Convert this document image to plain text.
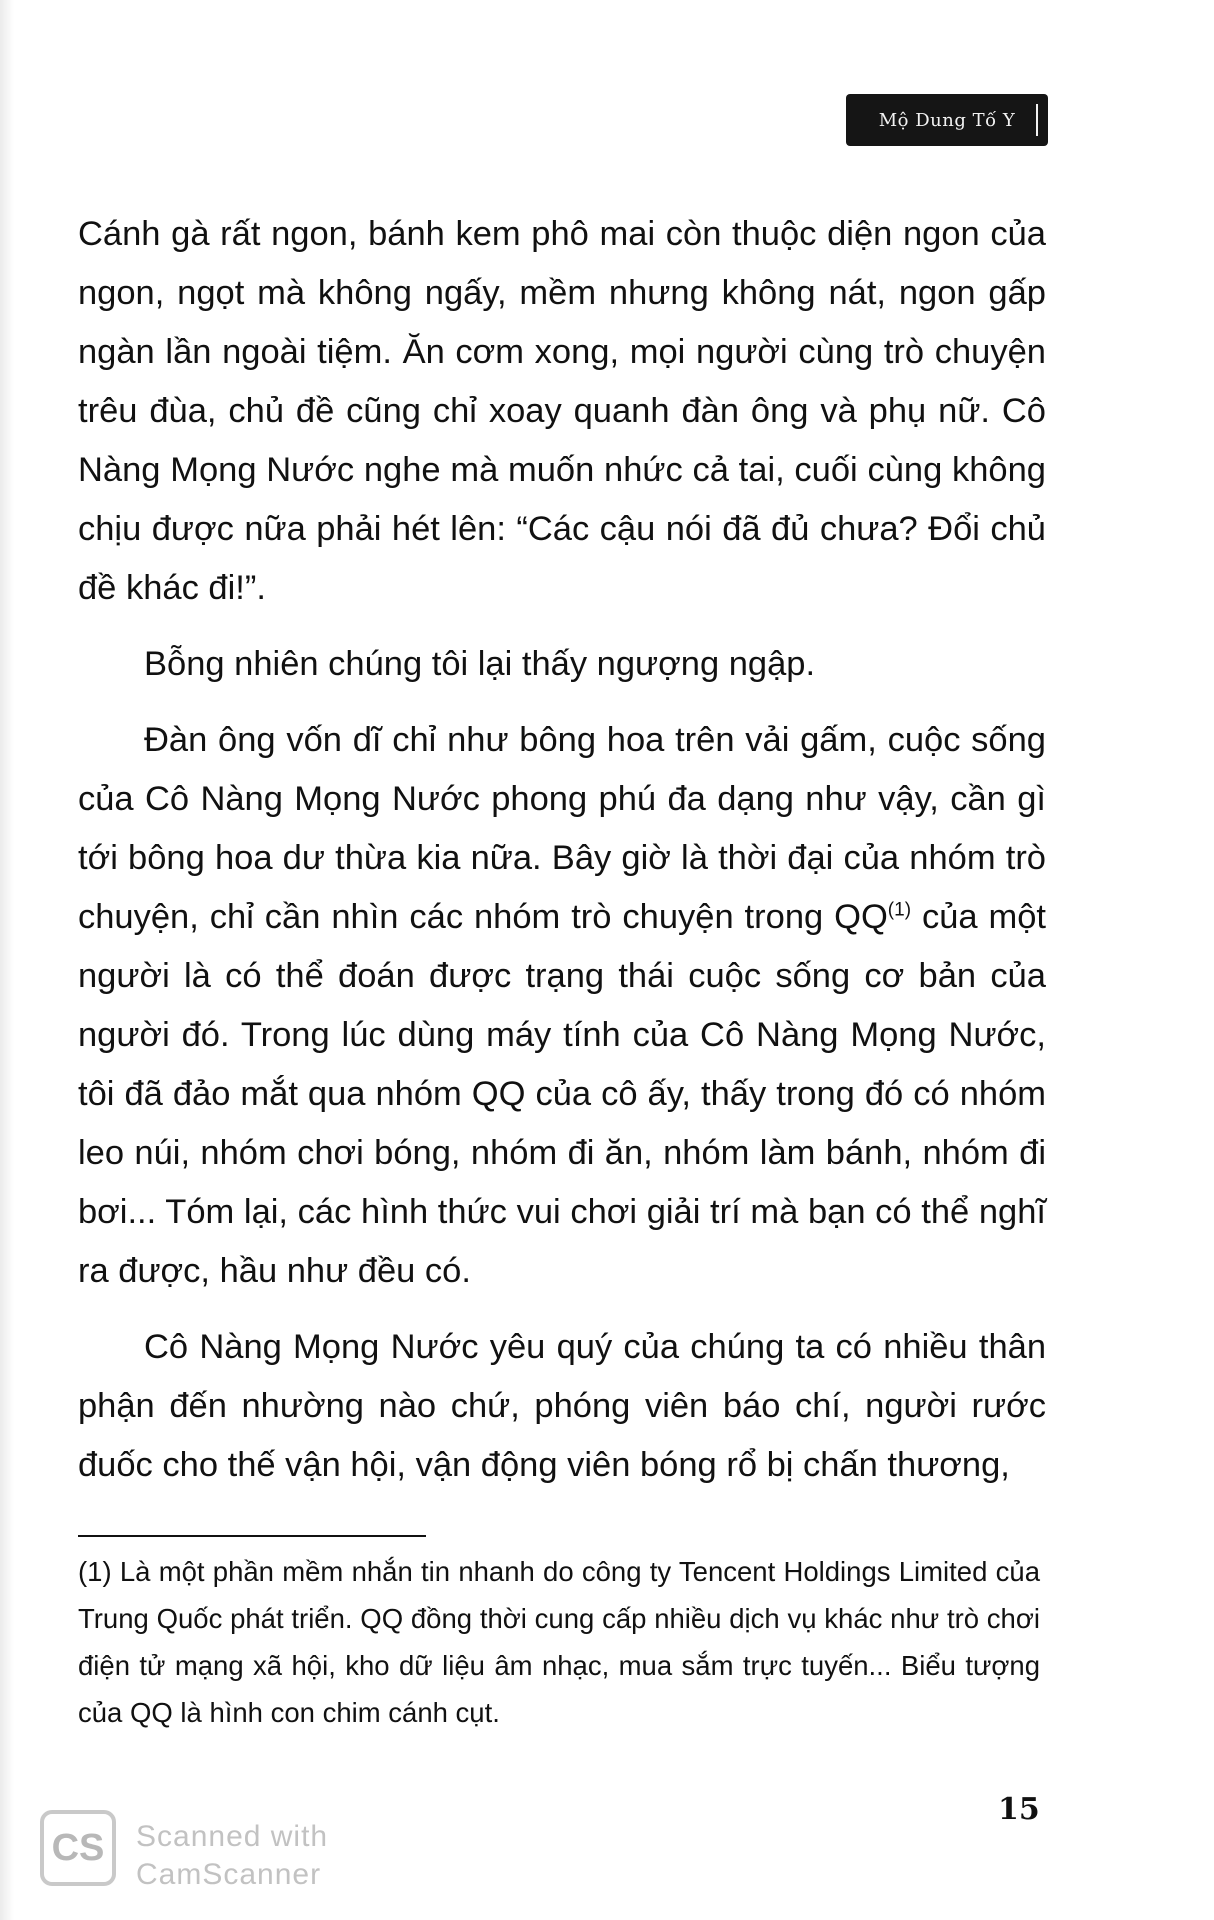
Mộ Dung Tố Y

Cánh gà rất ngon, bánh kem phô mai còn thuộc diện ngon của ngon, ngọt mà không ngấy, mềm nhưng không nát, ngon gấp ngàn lần ngoài tiệm. Ăn cơm xong, mọi người cùng trò chuyện trêu đùa, chủ đề cũng chỉ xoay quanh đàn ông và phụ nữ. Cô Nàng Mọng Nước nghe mà muốn nhức cả tai, cuối cùng không chịu được nữa phải hét lên: “Các cậu nói đã đủ chưa? Đổi chủ đề khác đi!”.

Bỗng nhiên chúng tôi lại thấy ngượng ngập.

Đàn ông vốn dĩ chỉ như bông hoa trên vải gấm, cuộc sống của Cô Nàng Mọng Nước phong phú đa dạng như vậy, cần gì tới bông hoa dư thừa kia nữa. Bây giờ là thời đại của nhóm trò chuyện, chỉ cần nhìn các nhóm trò chuyện trong QQ$^{(1)}$ của một người là có thể đoán được trạng thái cuộc sống cơ bản của người đó. Trong lúc dùng máy tính của Cô Nàng Mọng Nước, tôi đã đảo mắt qua nhóm QQ của cô ấy, thấy trong đó có nhóm leo núi, nhóm chơi bóng, nhóm đi ăn, nhóm làm bánh, nhóm đi bơi... Tóm lại, các hình thức vui chơi giải trí mà bạn có thể nghĩ ra được, hầu như đều có.

Cô Nàng Mọng Nước yêu quý của chúng ta có nhiều thân phận đến nhường nào chứ, phóng viên báo chí, người rước đuốc cho thế vận hội, vận động viên bóng rổ bị chấn thương,

(1) Là một phần mềm nhắn tin nhanh do công ty Tencent Holdings Limited của Trung Quốc phát triển. QQ đồng thời cung cấp nhiều dịch vụ khác như trò chơi điện tử mạng xã hội, kho dữ liệu âm nhạc, mua sắm trực tuyến... Biểu tượng của QQ là hình con chim cánh cụt.

15
CS	Scanned with
CamScanner
